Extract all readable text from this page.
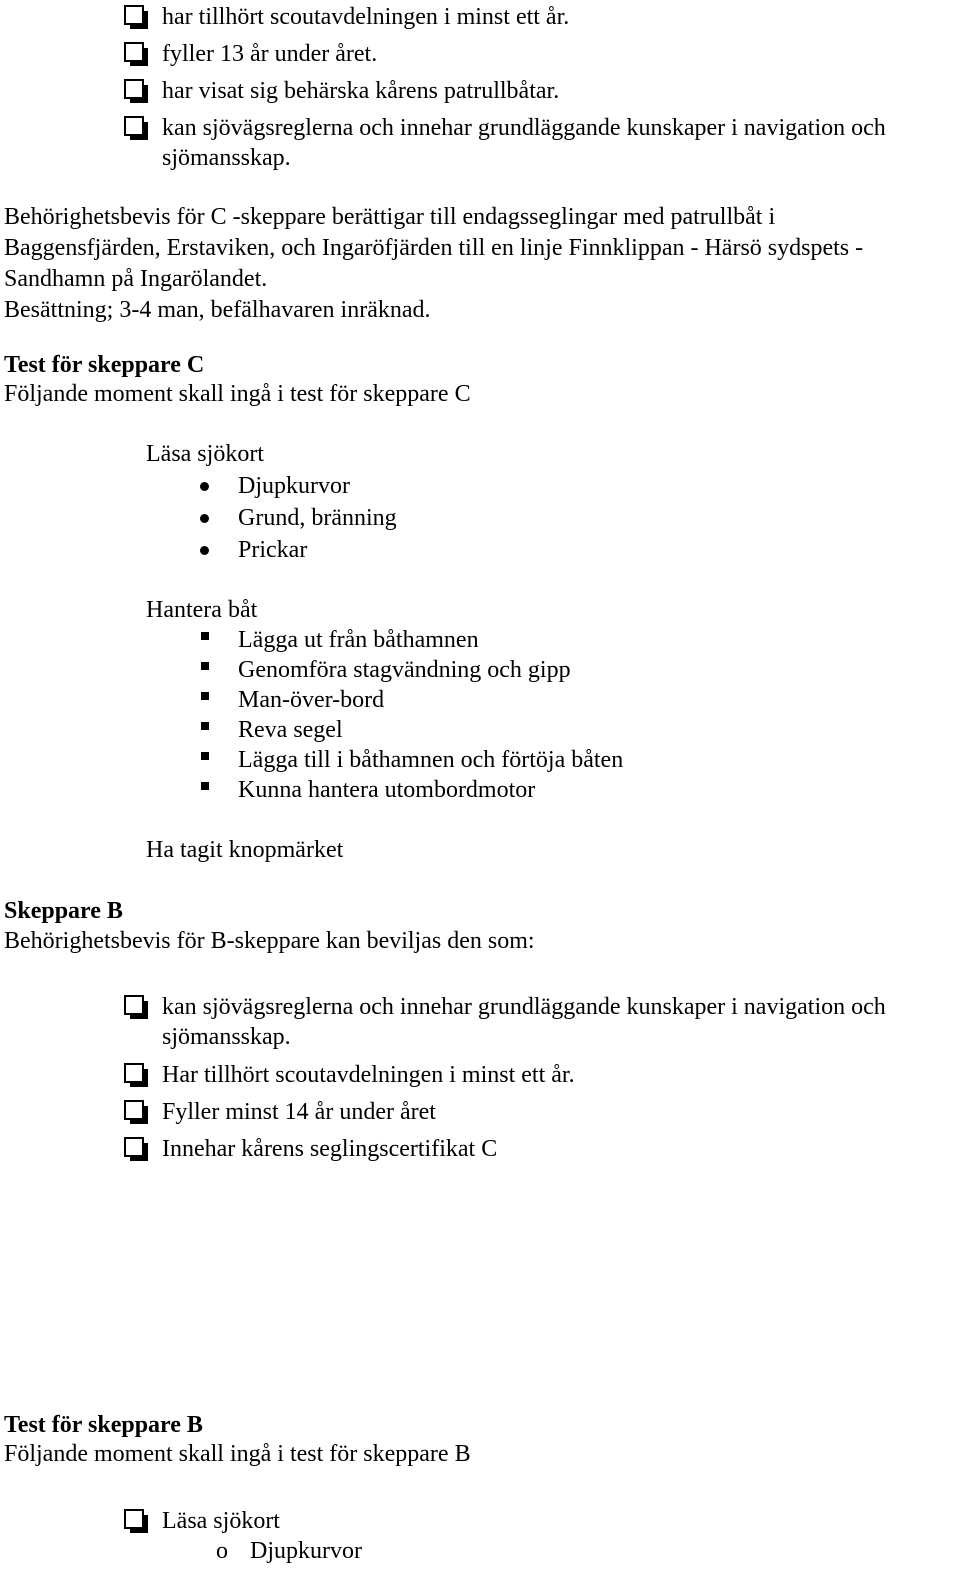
har tillhört scoutavdelningen i minst ett år.
fyller 13 år under året.
har visat sig behärska kårens patrullbåtar.
kan sjövägsreglerna och innehar grundläggande kunskaper i navigation och
sjömansskap.
Behörighetsbevis för C -skeppare berättigar till endagsseglingar med patrullbåt i
Baggensfjärden, Erstaviken, och Ingaröfjärden till en linje Finnklippan - Härsö sydspets -
Sandhamn på Ingarölandet.
Besättning; 3-4 man, befälhavaren inräknad.
Test för skeppare C
Följande moment skall ingå i test för skeppare C
Läsa sjökort
Djupkurvor
Grund, bränning
Prickar
Hantera båt
Lägga ut från båthamnen
Genomföra stagvändning och gipp
Man-över-bord
Reva segel
Lägga till i båthamnen och förtöja båten
Kunna hantera utombordmotor
Ha tagit knopmärket
Skeppare B
Behörighetsbevis för B-skeppare kan beviljas den som:
kan sjövägsreglerna och innehar grundläggande kunskaper i navigation och
sjömansskap.
Har tillhört scoutavdelningen i minst ett år.
Fyller minst 14 år under året
Innehar kårens seglingscertifikat C
Test för skeppare B
Följande moment skall ingå i test för skeppare B
Läsa sjökort
o Djupkurvor
